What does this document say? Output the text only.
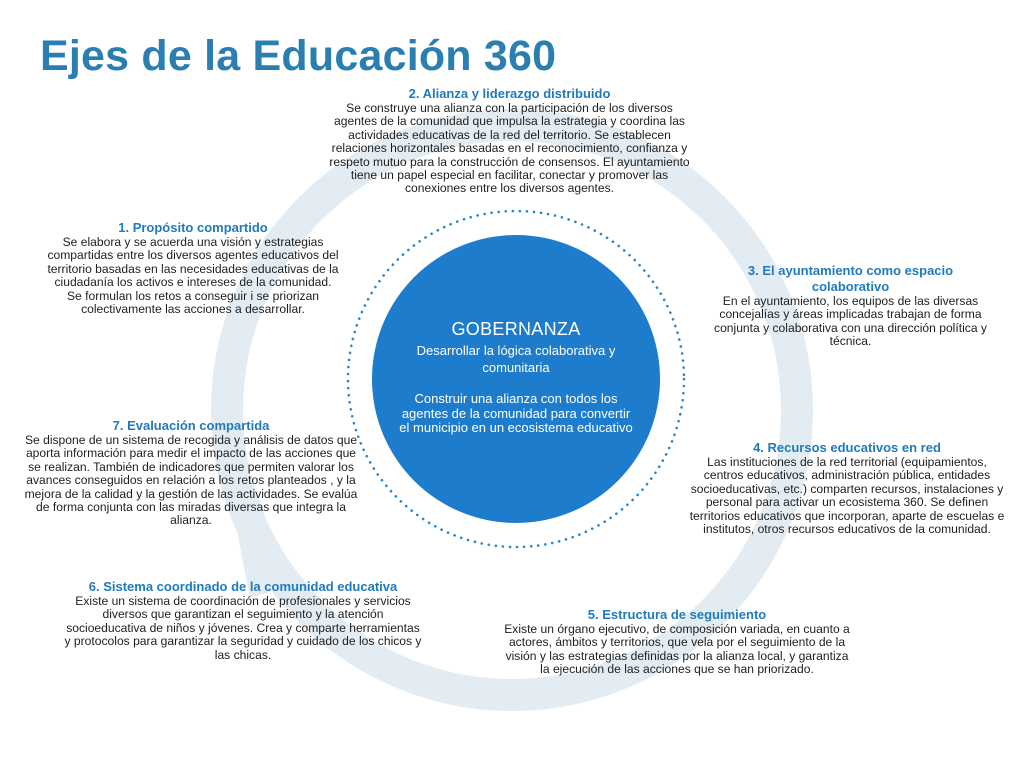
Ejes de la Educación 360
GOBERNANZA
Desarrollar la lógica colaborativa y comunitaria
Construir una alianza con todos los agentes de la comunidad para convertir el municipio en un ecosistema educativo
1. Propósito compartido

Se elabora y se acuerda una visión y estrategias compartidas entre los diversos agentes educativos del territorio basadas en las necesidades educativas de la ciudadanía los activos e intereses de la comunidad. Se formulan los retos a conseguir i se priorizan colectivamente las acciones a desarrollar.

2. Alianza y liderazgo distribuido

Se construye una alianza con la participación de los diversos agentes de la comunidad que impulsa la estrategia y coordina las actividades educativas de la red del territorio. Se establecen relaciones horizontales basadas en el reconocimiento, confianza y respeto mutuo para la construcción de consensos. El ayuntamiento tiene un papel especial en facilitar, conectar y promover las conexiones entre los diversos agentes.

3. El ayuntamiento como espacio colaborativo

En el ayuntamiento, los equipos de las diversas concejalías y áreas implicadas trabajan de forma conjunta y colaborativa con una dirección política y técnica.

4. Recursos educativos en red

Las instituciones de la red territorial (equipamientos, centros educativos, administración pública, entidades socioeducativas, etc.) comparten recursos, instalaciones y personal para activar un ecosistema 360. Se definen territorios educativos que incorporan, aparte de escuelas e institutos, otros recursos educativos de la comunidad.

5. Estructura de seguimiento

Existe un órgano ejecutivo, de composición variada, en cuanto a actores, ámbitos y territorios, que vela por el seguimiento de la visión y las estrategias definidas por la alianza local, y garantiza la ejecución de las acciones que se han priorizado.

6. Sistema coordinado de la comunidad educativa

Existe un sistema de coordinación de profesionales y servicios diversos que garantizan el seguimiento y la atención socioeducativa de niños y jóvenes. Crea y comparte herramientas y protocolos para garantizar la seguridad y cuidado de los chicos y las chicas.

7. Evaluación compartida

Se dispone de un sistema de recogida y análisis de datos que aporta información para medir el impacto de las acciones que se realizan. También de indicadores que permiten valorar los avances conseguidos en relación a los retos planteados , y la mejora de la calidad y la gestión de las actividades. Se evalúa de forma conjunta con las miradas diversas que integra la alianza.
